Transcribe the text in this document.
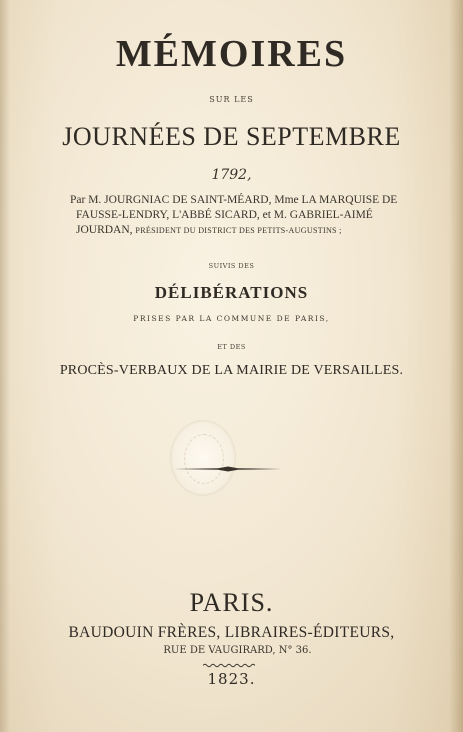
MÉMOIRES
SUR LES
JOURNÉES DE SEPTEMBRE
1792,
Par M. JOURGNIAC DE SAINT-MÉARD, Mme LA MARQUISE DE
FAUSSE-LENDRY, L'ABBÉ SICARD, et M. GABRIEL-AIMÉ
JOURDAN, PRÉSIDENT DU DISTRICT DES PETITS-AUGUSTINS ;
SUIVIS DES
DÉLIBÉRATIONS
PRISES PAR LA COMMUNE DE PARIS,
ET DES
PROCÈS-VERBAUX DE LA MAIRIE DE VERSAILLES.
PARIS.
BAUDOUIN FRÈRES, LIBRAIRES-ÉDITEURS,
RUE DE VAUGIRARD, N° 36.
1823.
